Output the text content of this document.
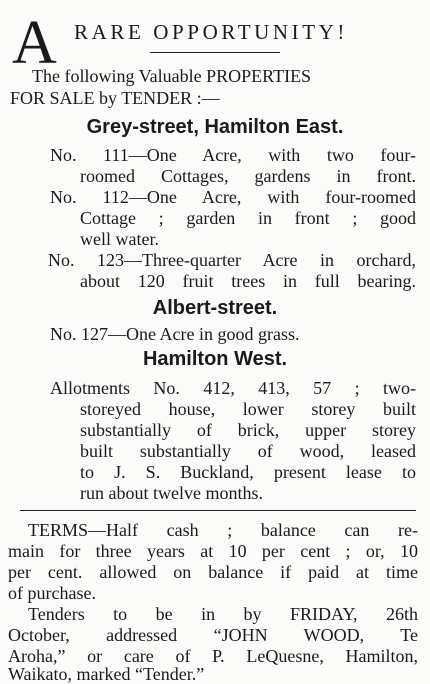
A RARE OPPORTUNITY!
The following Valuable PROPERTIES
FOR SALE by TENDER :—
Grey-street, Hamilton East.
No. 111—One Acre, with two four-
roomed Cottages, gardens in front.
No. 112—One Acre, with four-roomed
Cottage ; garden in front ; good
well water.
No. 123—Three-quarter Acre in orchard,
about 120 fruit trees in full bearing.
Albert-street.
No. 127—One Acre in good grass.
Hamilton West.
Allotments No. 412, 413, 57 ; two-
storeyed house, lower storey built
substantially of brick, upper storey
built substantially of wood, leased
to J. S. Buckland, present lease to
run about twelve months.
TERMS—Half cash ; balance can re-
main for three years at 10 per cent ; or, 10
per cent. allowed on balance if paid at time
of purchase.
Tenders to be in by FRIDAY, 26th
October, addressed “JOHN WOOD, Te
Aroha,” or care of P. LeQuesne, Hamilton,
Waikato, marked “Tender.”
